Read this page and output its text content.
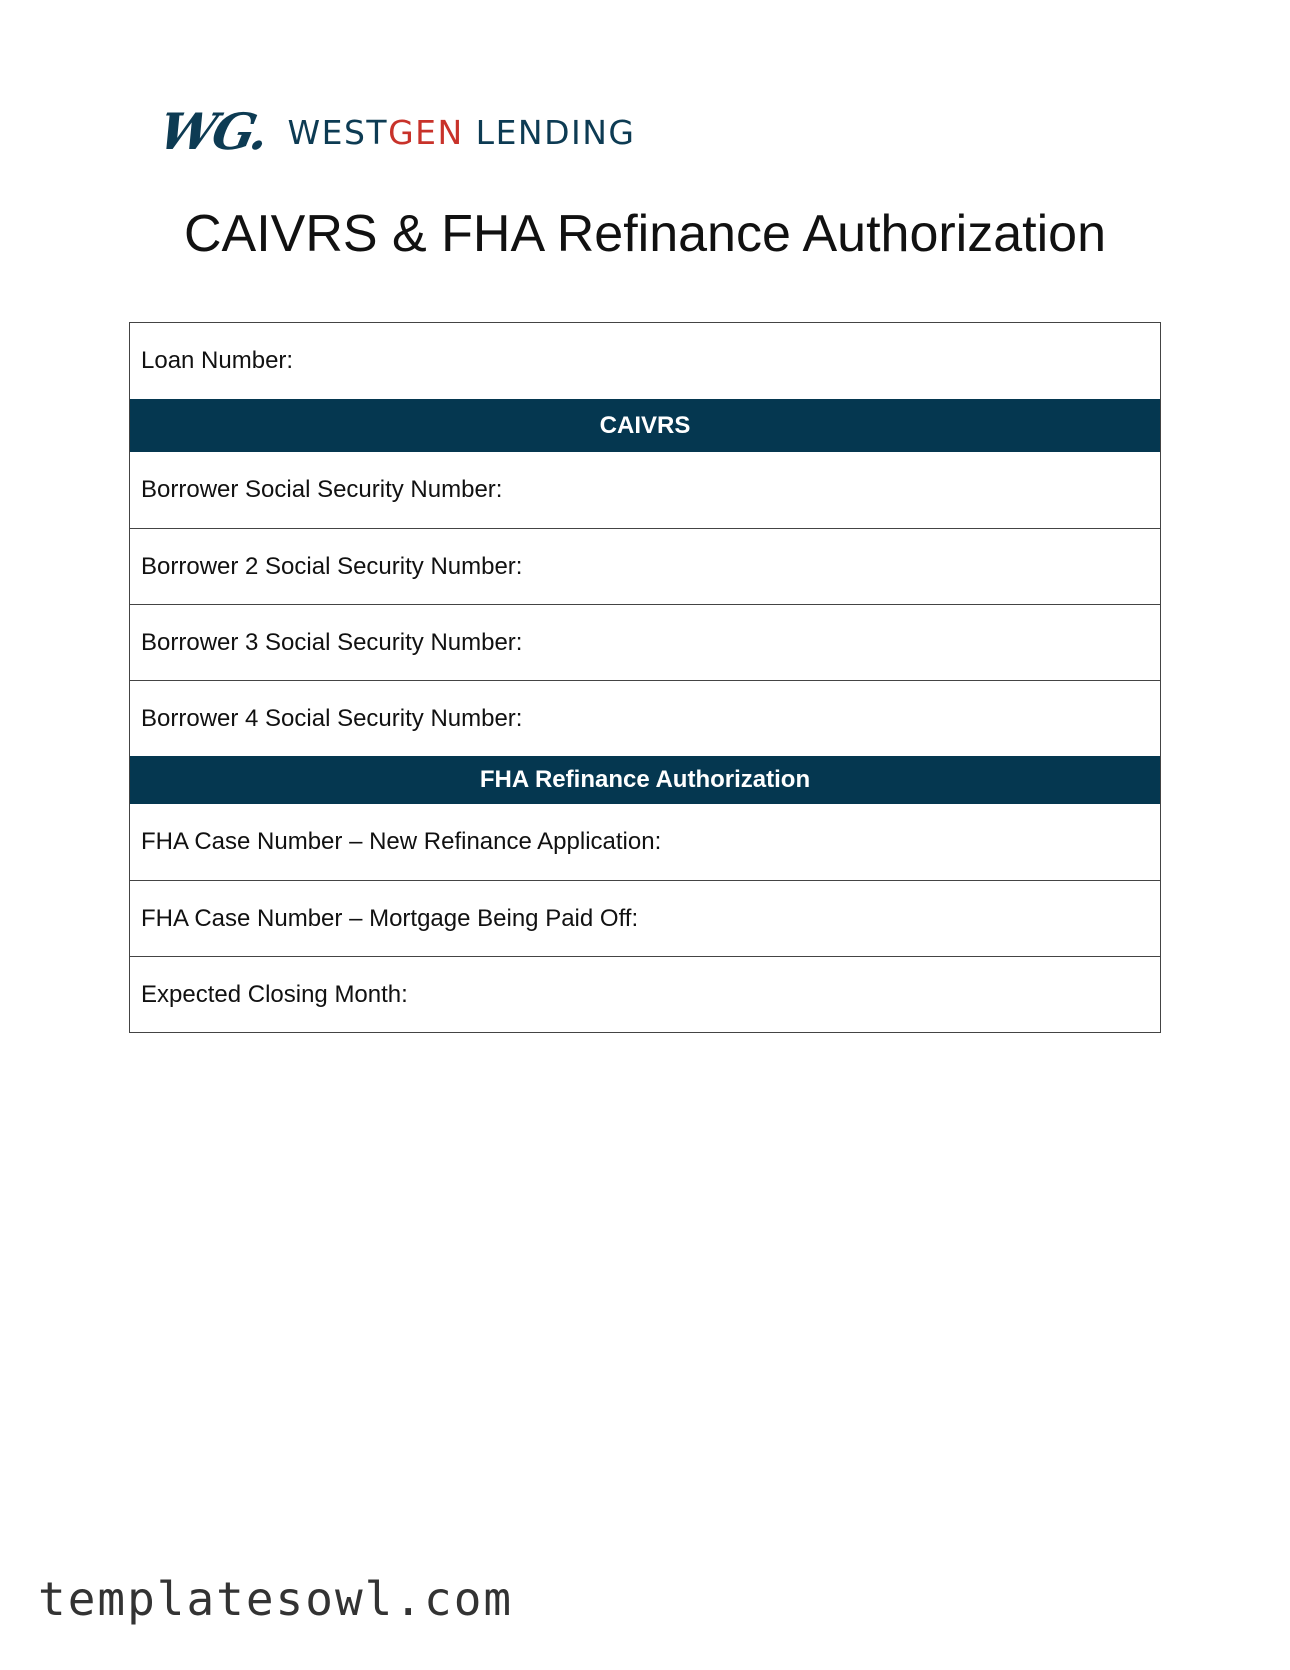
WG. WESTGEN LENDING
CAIVRS & FHA Refinance Authorization
Loan Number:
CAIVRS
Borrower Social Security Number:
Borrower 2 Social Security Number:
Borrower 3 Social Security Number:
Borrower 4 Social Security Number:
FHA Refinance Authorization
FHA Case Number – New Refinance Application:
FHA Case Number – Mortgage Being Paid Off:
Expected Closing Month:
templatesowl.com
